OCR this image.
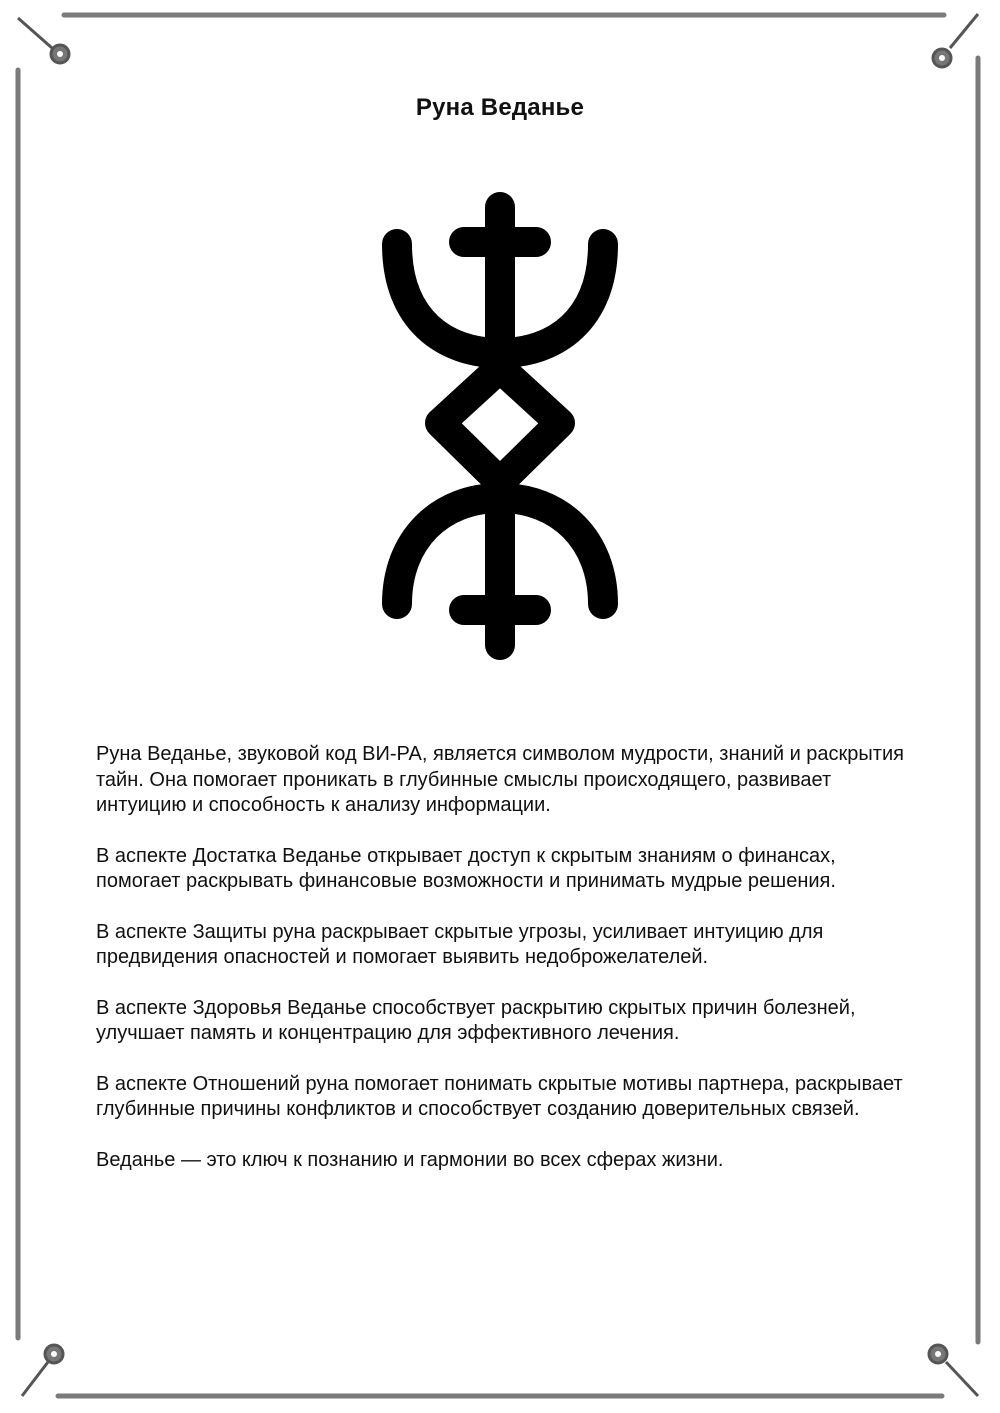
Руна Веданье

Руна Веданье, звуковой код ВИ-РА, является символом мудрости, знаний и раскрытия тайн. Она помогает проникать в глубинные смыслы происходящего, развивает интуицию и способность к анализу информации.

В аспекте Достатка Веданье открывает доступ к скрытым знаниям о финансах, помогает раскрывать финансовые возможности и принимать мудрые решения.

В аспекте Защиты руна раскрывает скрытые угрозы, усиливает интуицию для предвидения опасностей и помогает выявить недоброжелателей.

В аспекте Здоровья Веданье способствует раскрытию скрытых причин болезней, улучшает память и концентрацию для эффективного лечения.

В аспекте Отношений руна помогает понимать скрытые мотивы партнера, раскрывает глубинные причины конфликтов и способствует созданию доверительных связей.

Веданье — это ключ к познанию и гармонии во всех сферах жизни.
